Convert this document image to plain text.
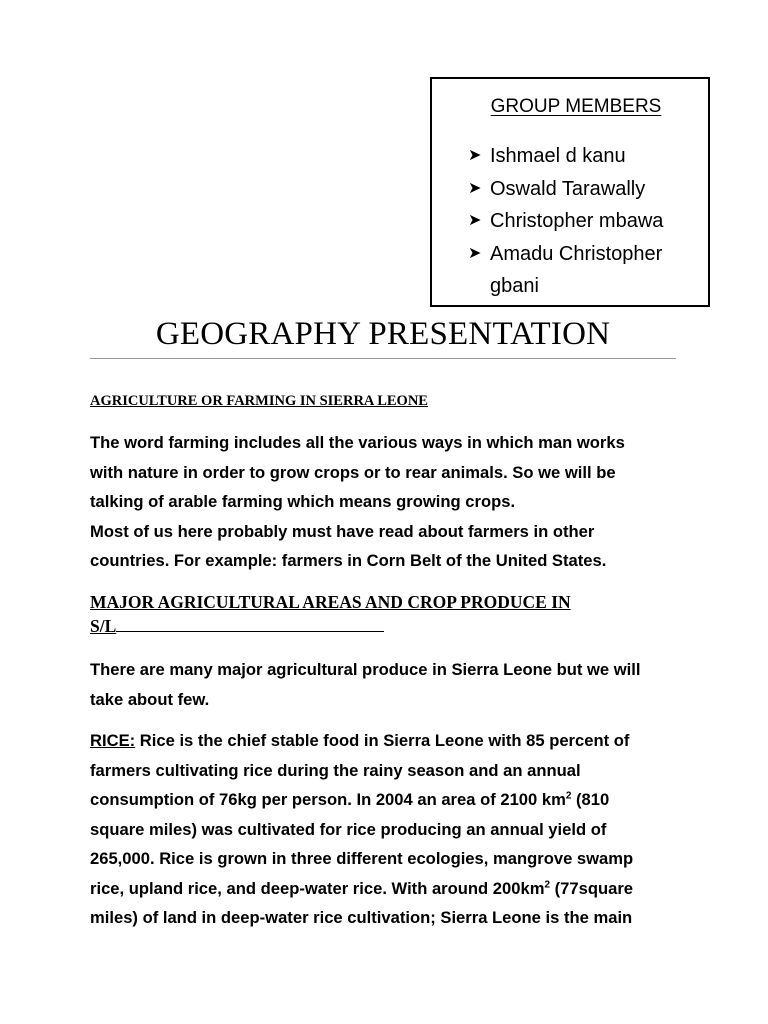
GROUP MEMBERS
➤ Ishmael d kanu
➤ Oswald Tarawally
➤ Christopher mbawa
➤ Amadu Christopher
gbani
GEOGRAPHY PRESENTATION
AGRICULTURE OR FARMING IN SIERRA LEONE

The word farming includes all the various ways in which man works
with nature in order to grow crops or to rear animals. So we will be
talking of arable farming which means growing crops.
Most of us here probably must have read about farmers in other
countries. For example: farmers in Corn Belt of the United States.

MAJOR AGRICULTURAL AREAS AND CROP PRODUCE IN
S/L

There are many major agricultural produce in Sierra Leone but we will
take about few.

RICE: Rice is the chief stable food in Sierra Leone with 85 percent of
farmers cultivating rice during the rainy season and an annual
consumption of 76kg per person. In 2004 an area of 2100 $km^2$ (810
square miles) was cultivated for rice producing an annual yield of
265,000. Rice is grown in three different ecologies, mangrove swamp
rice, upland rice, and deep-water rice. With around $200km^2$ (77square
miles) of land in deep-water rice cultivation; Sierra Leone is the main
